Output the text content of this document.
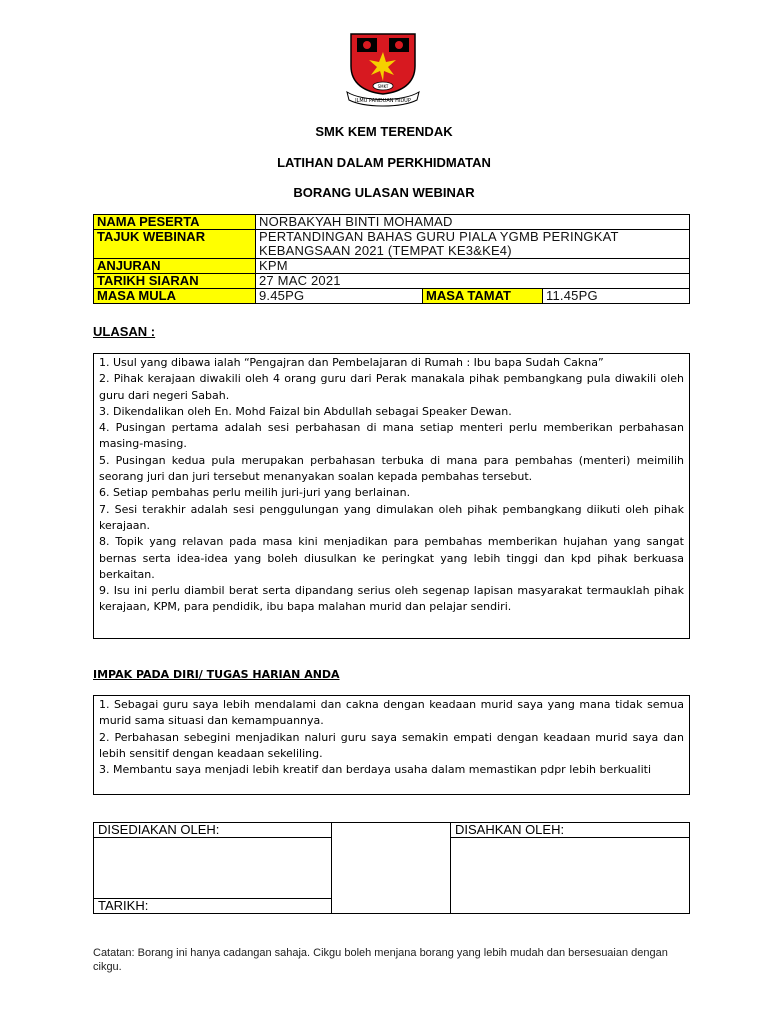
SMKT
ILMU PANDUAN HIDUP
SMK KEM TERENDAK
LATIHAN DALAM PERKHIDMATAN
BORANG ULASAN WEBINAR
NAMA PESERTA	NORBAKYAH BINTI MOHAMAD		
TAJUK WEBINAR	PERTANDINGAN BAHAS GURU PIALA YGMB PERINGKAT KEBANGSAAN 2021 (TEMPAT KE3&KE4)		
ANJURAN	KPM		
TARIKH SIARAN	27 MAC 2021		
MASA MULA	9.45PG	MASA TAMAT	11.45PG
ULASAN :

1. Usul yang dibawa ialah “Pengajran dan Pembelajaran di Rumah : Ibu bapa Sudah Cakna”

2. Pihak kerajaan diwakili oleh 4 orang guru dari Perak manakala pihak pembangkang pula diwakili oleh guru dari negeri Sabah.

3. Dikendalikan oleh En. Mohd Faizal bin Abdullah sebagai Speaker Dewan.

4. Pusingan pertama adalah sesi perbahasan di mana setiap menteri perlu memberikan perbahasan masing-masing.

5. Pusingan kedua pula merupakan perbahasan terbuka di mana para pembahas (menteri) meimilih seorang juri dan juri tersebut menanyakan soalan kepada pembahas tersebut.

6. Setiap pembahas perlu meilih juri-juri yang berlainan.

7. Sesi terakhir adalah sesi penggulungan yang dimulakan oleh pihak pembangkang diikuti oleh pihak kerajaan.

8. Topik yang relavan pada masa kini menjadikan para pembahas memberikan hujahan yang sangat bernas serta idea-idea yang boleh diusulkan ke peringkat yang lebih tinggi dan kpd pihak berkuasa berkaitan.

9. Isu ini perlu diambil berat serta dipandang serius oleh segenap lapisan masyarakat termauklah pihak kerajaan, KPM, para pendidik, ibu bapa malahan murid dan pelajar sendiri.

IMPAK PADA DIRI/ TUGAS HARIAN ANDA

1. Sebagai guru saya lebih mendalami dan cakna dengan keadaan murid saya yang mana tidak semua murid sama situasi dan kemampuannya.

2. Perbahasan sebegini menjadikan naluri guru saya semakin empati dengan keadaan murid saya dan lebih sensitif dengan keadaan sekeliling.

3. Membantu saya menjadi lebih kreatif dan berdaya usaha dalam memastikan pdpr lebih berkualiti

DISEDIAKAN OLEH:		DISAHKAN OLEH:

TARIKH:		
Catatan: Borang ini hanya cadangan sahaja. Cikgu boleh menjana borang yang lebih mudah dan bersesuaian dengan cikgu.
